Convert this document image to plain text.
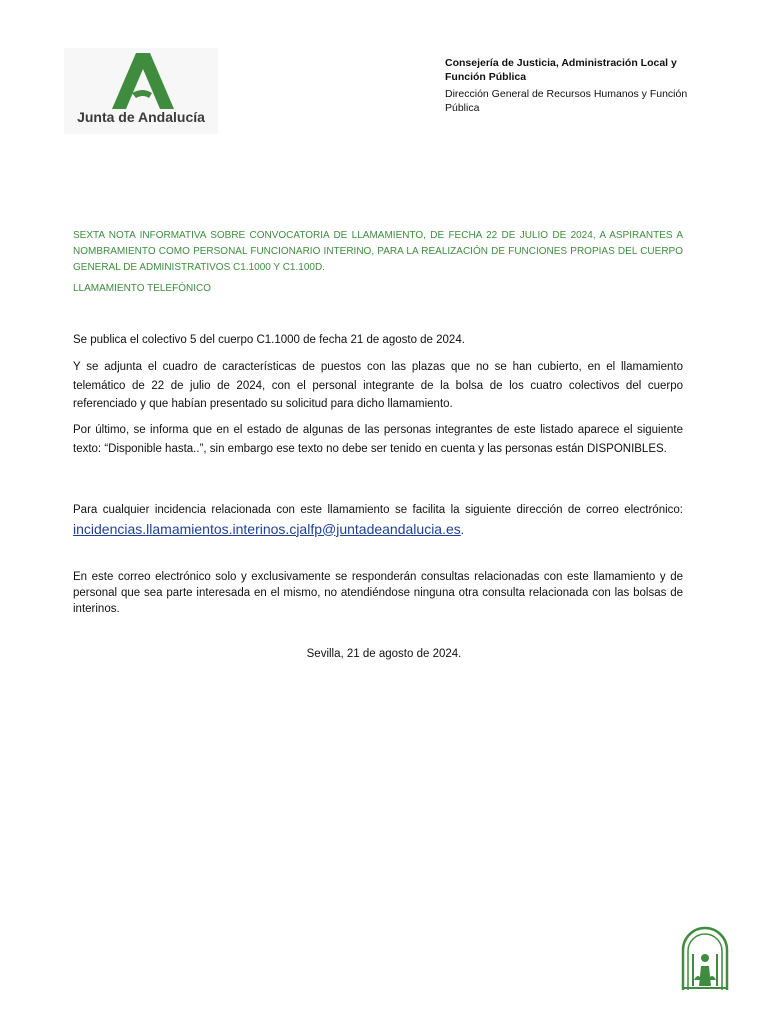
Junta de Andalucía
Consejería de Justicia, Administración Local y Función Pública
Dirección General de Recursos Humanos y Función Pública
SEXTA NOTA INFORMATIVA SOBRE CONVOCATORIA DE LLAMAMIENTO, DE FECHA 22 DE JULIO DE 2024, A ASPIRANTES A NOMBRAMIENTO COMO PERSONAL FUNCIONARIO INTERINO, PARA LA REALIZACIÓN DE FUNCIONES PROPIAS DEL CUERPO GENERAL DE ADMINISTRATIVOS C1.1000 Y C1.100D.
LLAMAMIENTO TELEFÓNICO

Se publica el colectivo 5 del cuerpo C1.1000 de fecha 21 de agosto de 2024.

Y se adjunta el cuadro de características de puestos con las plazas que no se han cubierto, en el llamamiento telemático de 22 de julio de 2024, con el personal integrante de la bolsa de los cuatro colectivos del cuerpo referenciado y que habían presentado su solicitud para dicho llamamiento.

Por último, se informa que en el estado de algunas de las personas integrantes de este listado aparece el siguiente texto: “Disponible hasta..”, sin embargo ese texto no debe ser tenido en cuenta y las personas están DISPONIBLES.

Para cualquier incidencia relacionada con este llamamiento se facilita la siguiente dirección de correo electrónico: incidencias.llamamientos.interinos.cjalfp@juntadeandalucia.es.

En este correo electrónico solo y exclusivamente se responderán consultas relacionadas con este llamamiento y de personal que sea parte interesada en el mismo, no atendiéndose ninguna otra consulta relacionada con las bolsas de interinos.

Sevilla, 21 de agosto de 2024.
